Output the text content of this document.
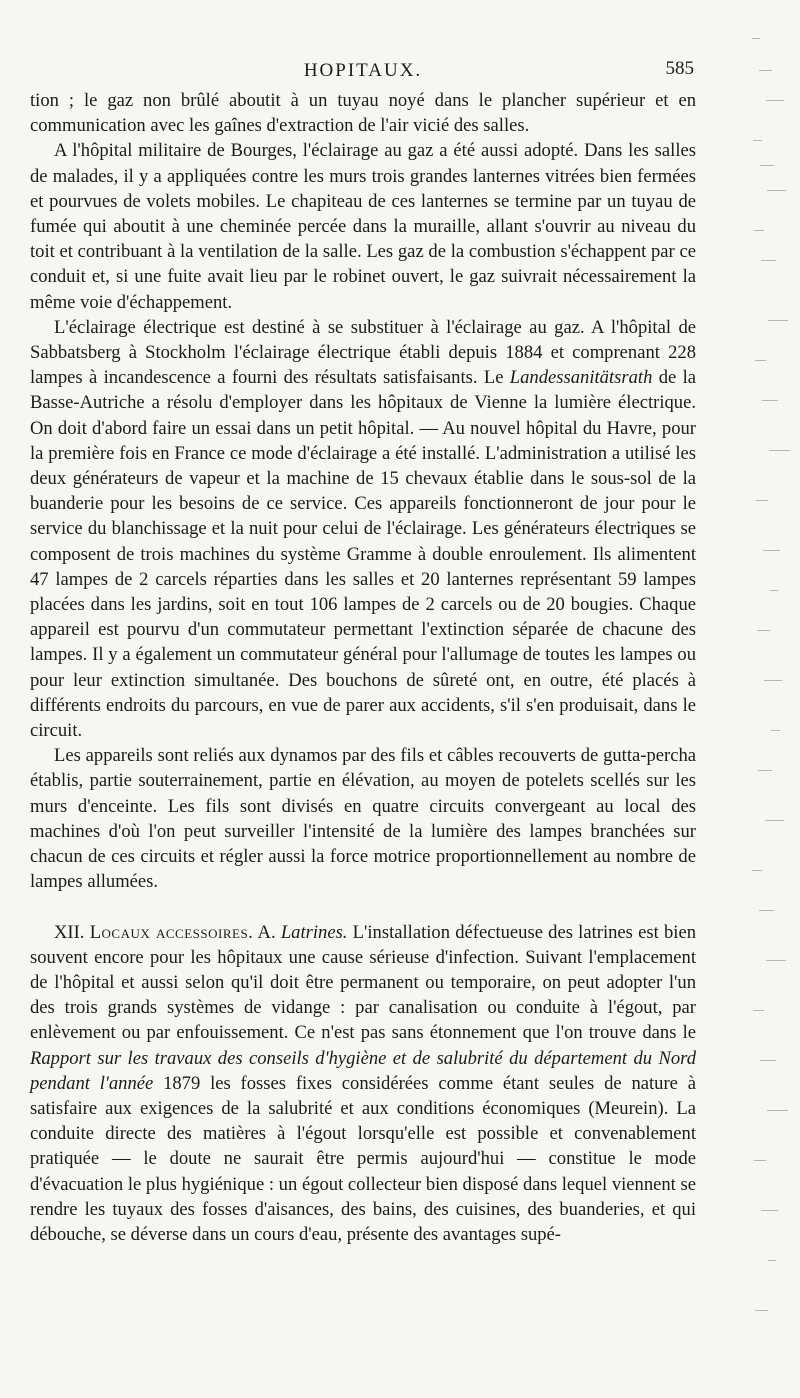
HOPITAUX.	585

tion ; le gaz non brûlé aboutit à un tuyau noyé dans le plancher supérieur et en communication avec les gaînes d'extraction de l'air vicié des salles.

A l'hôpital militaire de Bourges, l'éclairage au gaz a été aussi adopté. Dans les salles de malades, il y a appliquées contre les murs trois grandes lanternes vitrées bien fermées et pourvues de volets mobiles. Le chapiteau de ces lanternes se termine par un tuyau de fumée qui aboutit à une cheminée percée dans la muraille, allant s'ouvrir au niveau du toit et contribuant à la ventilation de la salle. Les gaz de la combustion s'échappent par ce conduit et, si une fuite avait lieu par le robinet ouvert, le gaz suivrait nécessairement la même voie d'échappement.

L'éclairage électrique est destiné à se substituer à l'éclairage au gaz. A l'hôpital de Sabbatsberg à Stockholm l'éclairage électrique établi depuis 1884 et comprenant 228 lampes à incandescence a fourni des résultats satisfaisants. Le Landessanitätsrath de la Basse-Autriche a résolu d'employer dans les hôpitaux de Vienne la lumière électrique. On doit d'abord faire un essai dans un petit hôpital. — Au nouvel hôpital du Havre, pour la première fois en France ce mode d'éclairage a été installé. L'administration a utilisé les deux générateurs de vapeur et la machine de 15 chevaux établie dans le sous-sol de la buanderie pour les besoins de ce service. Ces appareils fonctionneront de jour pour le service du blanchissage et la nuit pour celui de l'éclairage. Les générateurs électriques se composent de trois machines du système Gramme à double enroulement. Ils alimentent 47 lampes de 2 carcels réparties dans les salles et 20 lanternes représentant 59 lampes placées dans les jardins, soit en tout 106 lampes de 2 carcels ou de 20 bougies. Chaque appareil est pourvu d'un commutateur permettant l'extinction séparée de chacune des lampes. Il y a également un commutateur général pour l'allumage de toutes les lampes ou pour leur extinction simultanée. Des bouchons de sûreté ont, en outre, été placés à différents endroits du parcours, en vue de parer aux accidents, s'il s'en produisait, dans le circuit.

Les appareils sont reliés aux dynamos par des fils et câbles recouverts de gutta-percha établis, partie souterrainement, partie en élévation, au moyen de potelets scellés sur les murs d'enceinte. Les fils sont divisés en quatre circuits convergeant au local des machines d'où l'on peut surveiller l'intensité de la lumière des lampes branchées sur chacun de ces circuits et régler aussi la force motrice proportionnellement au nombre de lampes allumées.

XII. Locaux accessoires. A. Latrines. L'installation défectueuse des latrines est bien souvent encore pour les hôpitaux une cause sérieuse d'infection. Suivant l'emplacement de l'hôpital et aussi selon qu'il doit être permanent ou temporaire, on peut adopter l'un des trois grands systèmes de vidange : par canalisation ou conduite à l'égout, par enlèvement ou par enfouissement. Ce n'est pas sans étonnement que l'on trouve dans le Rapport sur les travaux des conseils d'hygiène et de salubrité du département du Nord pendant l'année 1879 les fosses fixes considérées comme étant seules de nature à satisfaire aux exigences de la salubrité et aux conditions économiques (Meurein). La conduite directe des matières à l'égout lorsqu'elle est possible et convenablement pratiquée — le doute ne saurait être permis aujourd'hui — constitue le mode d'évacuation le plus hygiénique : un égout collecteur bien disposé dans lequel viennent se rendre les tuyaux des fosses d'aisances, des bains, des cuisines, des buanderies, et qui débouche, se déverse dans un cours d'eau, présente des avantages supé-
